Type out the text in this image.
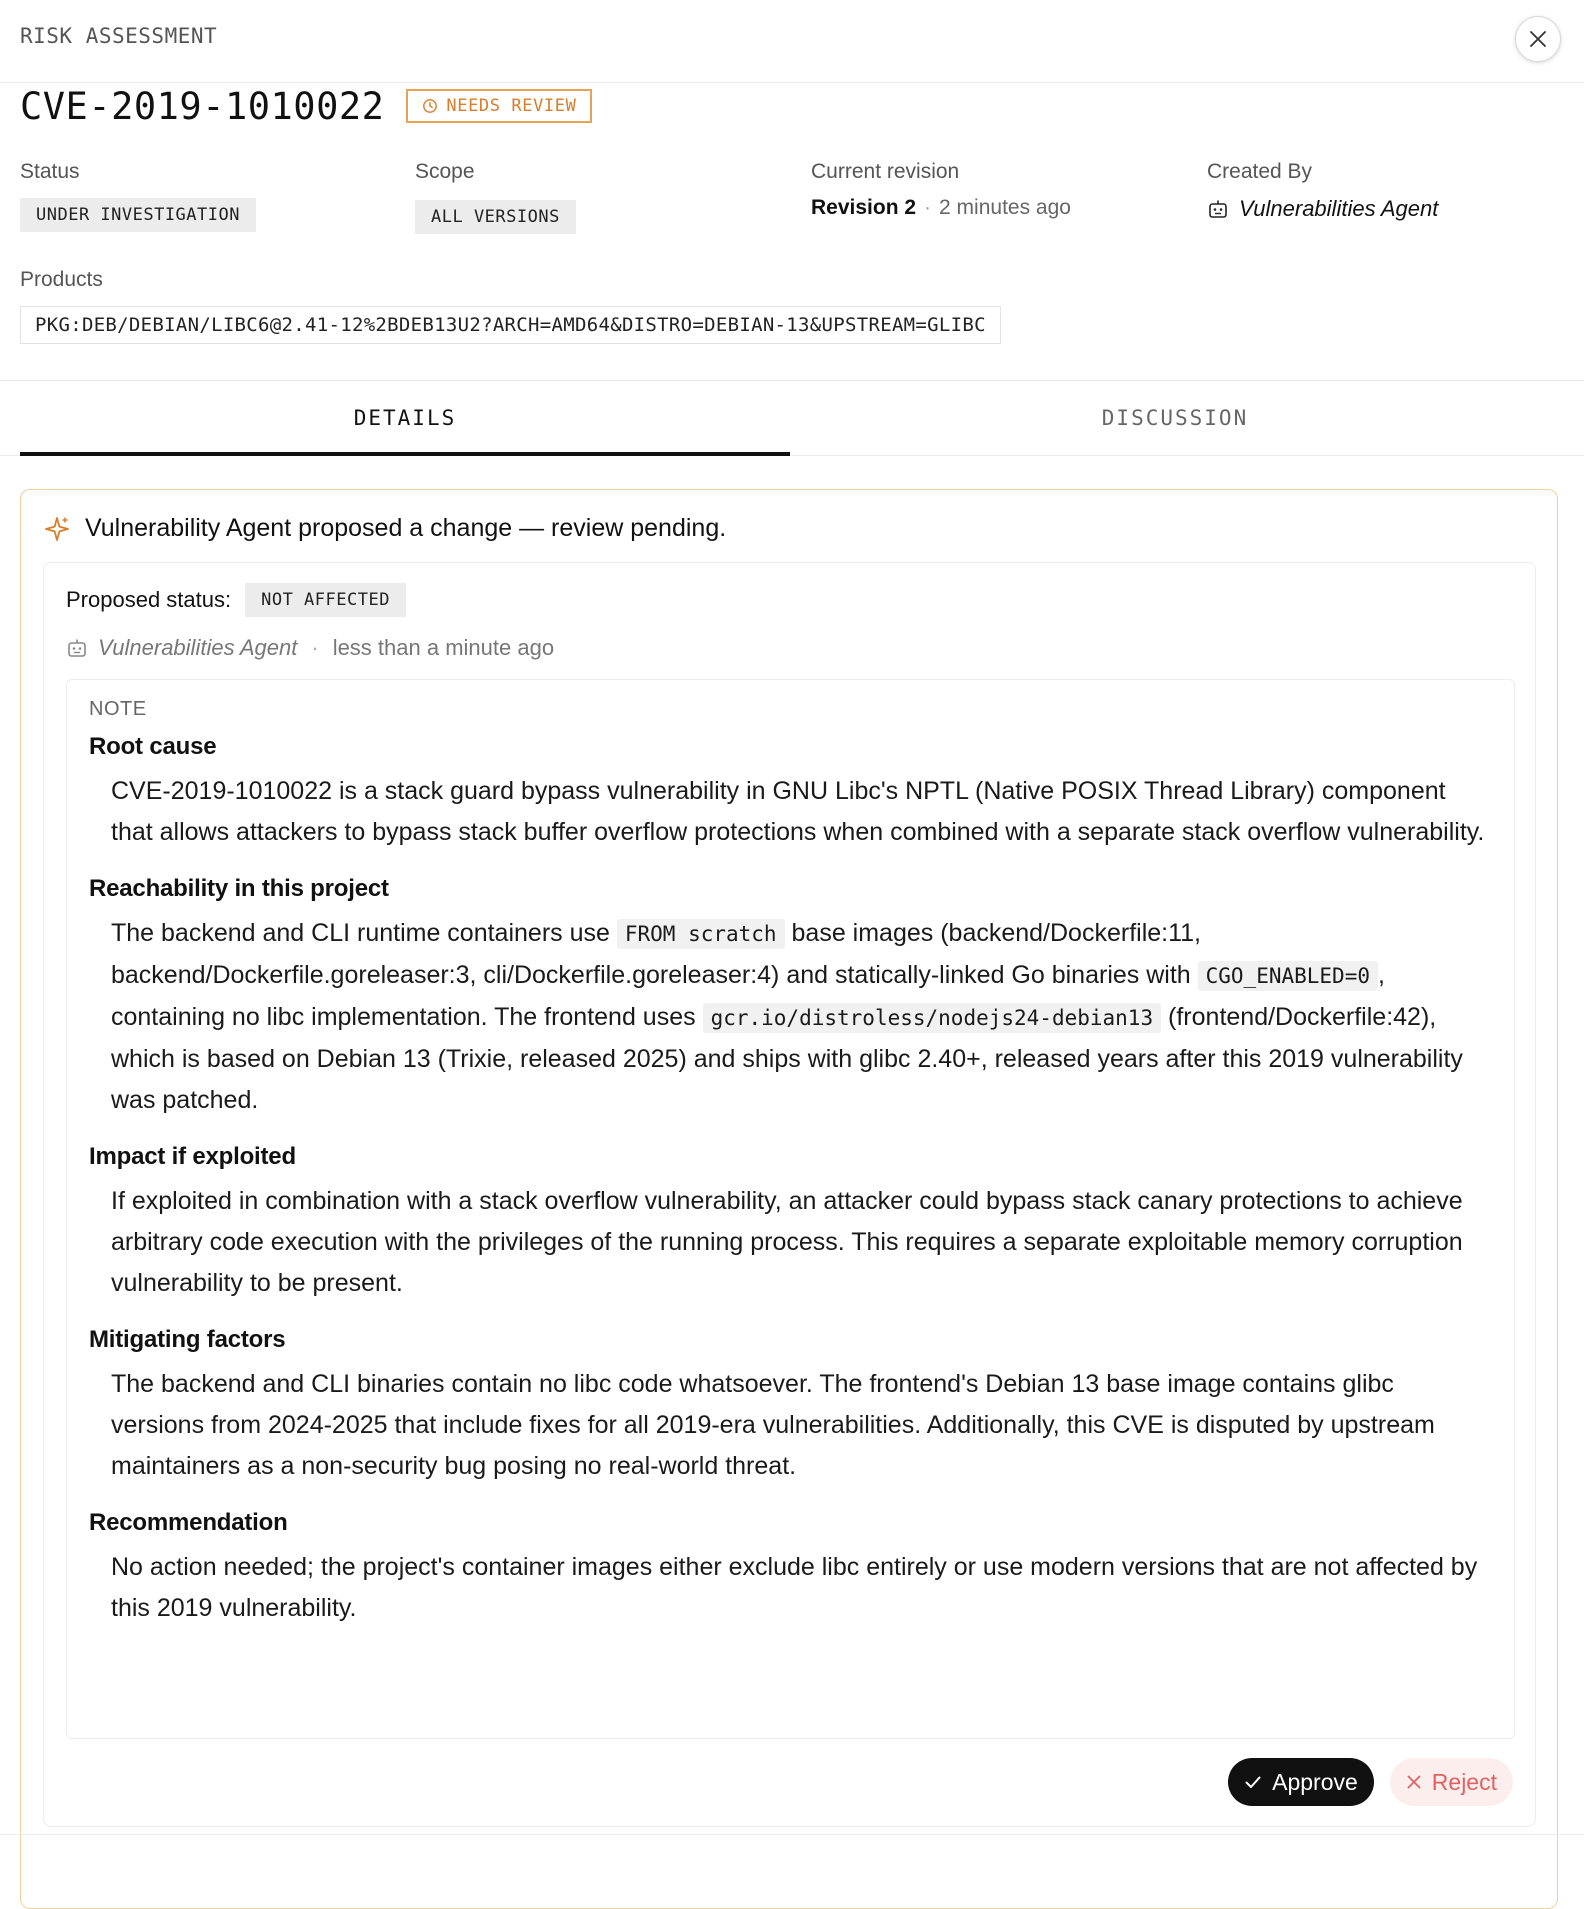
RISK ASSESSMENT
CVE-2019-1010022	NEEDS REVIEW
Status
UNDER INVESTIGATION
Scope
ALL VERSIONS
Current revision
Revision 2 · 2 minutes ago
Created By
Vulnerabilities Agent
Products
PKG:DEB/DEBIAN/LIBC6@2.41-12%2BDEB13U2?ARCH=AMD64&DISTRO=DEBIAN-13&UPSTREAM=GLIBC
DETAILS	DISCUSSION
Vulnerability Agent proposed a change — review pending.
Proposed status:	NOT AFFECTED
Vulnerabilities Agent · less than a minute ago
NOTE
Root cause
CVE-2019-1010022 is a stack guard bypass vulnerability in GNU Libc's NPTL (Native POSIX Thread Library) component that allows attackers to bypass stack buffer overflow protections when combined with a separate stack overflow vulnerability.
Reachability in this project
The backend and CLI runtime containers use FROM scratch base images (backend/Dockerfile:11, backend/Dockerfile.goreleaser:3, cli/Dockerfile.goreleaser:4) and statically-linked Go binaries with CGO_ENABLED=0 , containing no libc implementation. The frontend uses gcr.io/distroless/nodejs24-debian13 (frontend/Dockerfile:42), which is based on Debian 13 (Trixie, released 2025) and ships with glibc 2.40+, released years after this 2019 vulnerability was patched.
Impact if exploited
If exploited in combination with a stack overflow vulnerability, an attacker could bypass stack canary protections to achieve arbitrary code execution with the privileges of the running process. This requires a separate exploitable memory corruption vulnerability to be present.
Mitigating factors
The backend and CLI binaries contain no libc code whatsoever. The frontend's Debian 13 base image contains glibc versions from 2024-2025 that include fixes for all 2019-era vulnerabilities. Additionally, this CVE is disputed by upstream maintainers as a non-security bug posing no real-world threat.
Recommendation
No action needed; the project's container images either exclude libc entirely or use modern versions that are not affected by this 2019 vulnerability.
Approve	Reject
